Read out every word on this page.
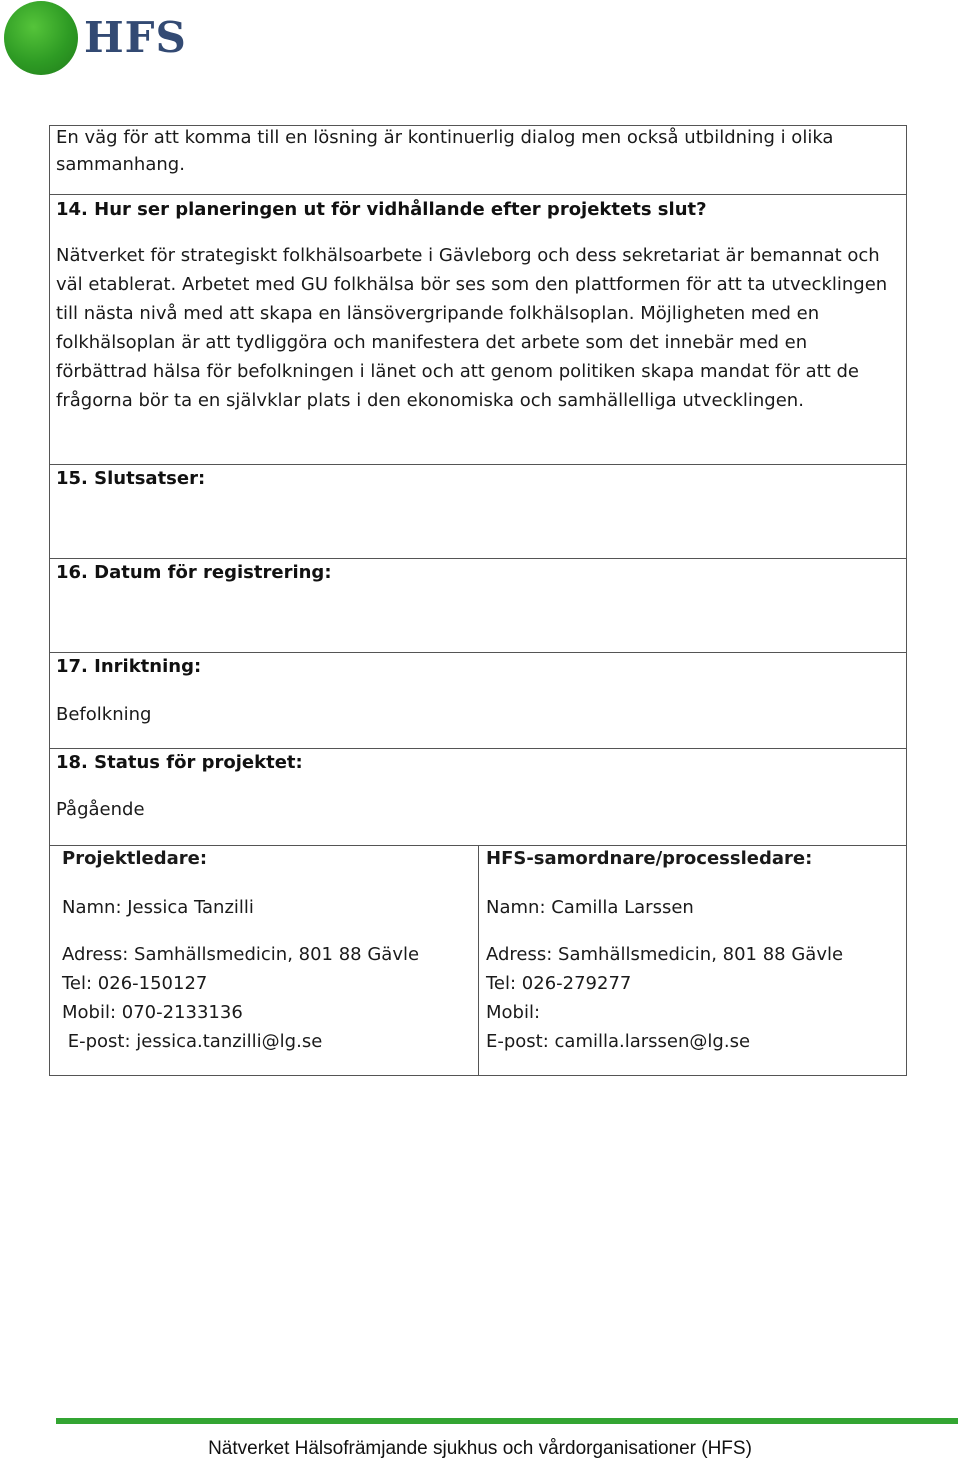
HFS

En väg för att komma till en lösning är kontinuerlig dialog men också utbildning i olika sammanhang.

14. Hur ser planeringen ut för vidhållande efter projektets slut?

Nätverket för strategiskt folkhälsoarbete i Gävleborg och dess sekretariat är bemannat och väl etablerat. Arbetet med GU folkhälsa bör ses som den plattformen för att ta utvecklingen till nästa nivå med att skapa en länsövergripande folkhälsoplan. Möjligheten med en folkhälsoplan är att tydliggöra och manifestera det arbete som det innebär med en förbättrad hälsa för befolkningen i länet och att genom politiken skapa mandat för att de frågorna bör ta en självklar plats i den ekonomiska och samhällelliga utvecklingen.

15. Slutsatser:

16. Datum för registrering:

17. Inriktning:

Befolkning

18. Status för projektet:

Pågående

Projektledare:
Namn: Jessica Tanzilli
Adress: Samhällsmedicin, 801 88 Gävle
Tel: 026-150127
Mobil: 070-2133136
E-post: jessica.tanzilli@lg.se
HFS-samordnare/processledare:
Namn: Camilla Larssen
Adress: Samhällsmedicin, 801 88 Gävle
Tel: 026-279277
Mobil:
E-post: camilla.larssen@lg.se
Nätverket Hälsofrämjande sjukhus och vårdorganisationer (HFS)
